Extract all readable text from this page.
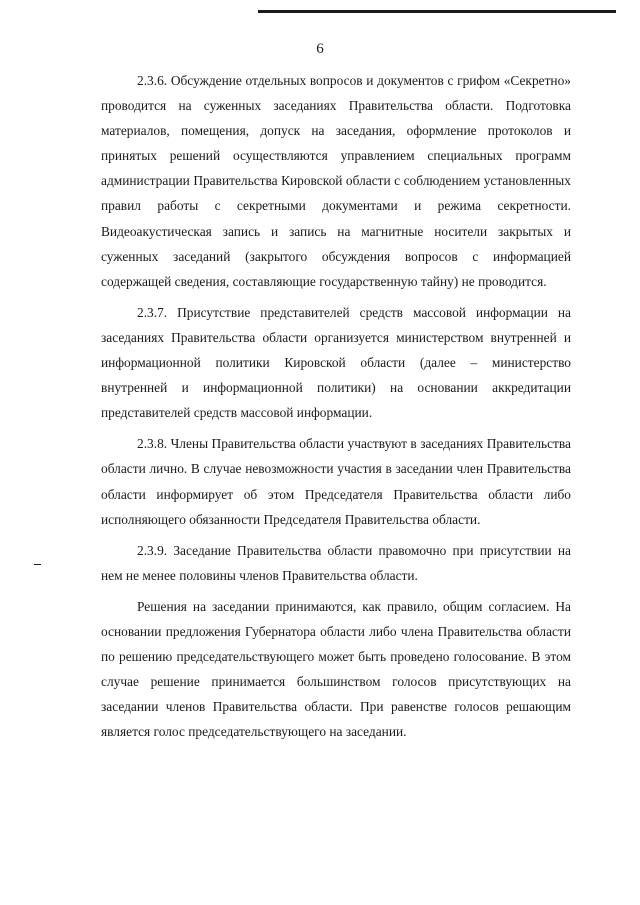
6

2.3.6. Обсуждение отдельных вопросов и документов с грифом «Секретно» проводится на суженных заседаниях Правительства области. Подготовка материалов, помещения, допуск на заседания, оформление протоколов и принятых решений осуществляются управлением специальных программ администрации Правительства Кировской области с соблюдением установленных правил работы с секретными документами и режима секретности. Видеоакустическая запись и запись на магнитные носители закрытых и суженных заседаний (закрытого обсуждения вопросов с информацией содержащей сведения, составляющие государственную тайну) не проводится.

2.3.7. Присутствие представителей средств массовой информации на заседаниях Правительства области организуется министерством внутренней и информационной политики Кировской области (далее – министерство внутренней и информационной политики) на основании аккредитации представителей средств массовой информации.

2.3.8. Члены Правительства области участвуют в заседаниях Правительства области лично. В случае невозможности участия в заседании член Правительства области информирует об этом Председателя Правительства области либо исполняющего обязанности Председателя Правительства области.

2.3.9. Заседание Правительства области правомочно при присутствии на нем не менее половины членов Правительства области.

Решения на заседании принимаются, как правило, общим согласием. На основании предложения Губернатора области либо члена Правительства области по решению председательствующего может быть проведено голосование. В этом случае решение принимается большинством голосов присутствующих на заседании членов Правительства области. При равенстве голосов решающим является голос председательствующего на заседании.
